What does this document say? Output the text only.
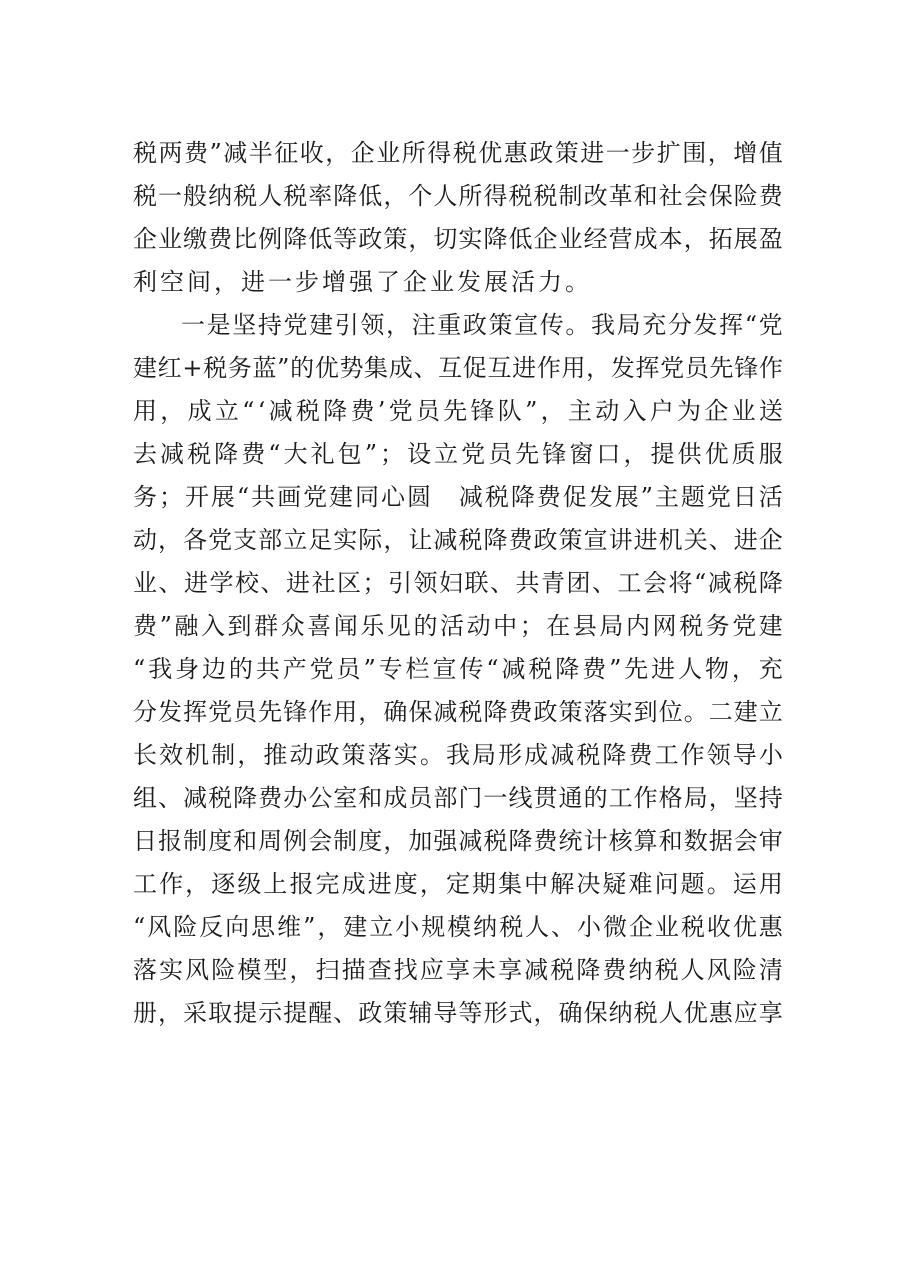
税 两 费 ” 减 半 征 收 ， 企 业 所 得 税 优 惠 政 策 进 一 步 扩 围 ， 增 值
税 一 般 纳 税 人 税 率 降 低 ， 个 人 所 得 税 税 制 改 革 和 社 会 保 险 费
企 业 缴 费 比 例 降 低 等 政 策 ， 切 实 降 低 企 业 经 营 成 本 ， 拓 展 盈
利空间，进一步增强了企业发展活力。
一 是 坚 持 党 建 引 领 ， 注 重 政 策 宣 传 。 我 局 充 分 发 挥 “ 党
建 红 + 税 务 蓝 ” 的 优 势 集 成 、 互 促 互 进 作 用 ， 发 挥 党 员 先 锋 作
用 ， 成 立 “ ‘ 减 税 降 费 ’ 党 员 先 锋 队 ” ， 主 动 入 户 为 企 业 送
去 减 税 降 费 “ 大 礼 包 ” ； 设 立 党 员 先 锋 窗 口 ， 提 供 优 质 服
务 ； 开 展 “ 共 画 党 建 同 心 圆
　 减 税 降 费 促 发 展 ” 主 题 党 日 活
动 ， 各 党 支 部 立 足 实 际 ， 让 减 税 降 费 政 策 宣 讲 进 机 关 、 进 企
业 、 进 学 校 、 进 社 区 ； 引 领 妇 联 、 共 青 团 、 工 会 将 “ 减 税 降
费 ” 融 入 到 群 众 喜 闻 乐 见 的 活 动 中 ； 在 县 局 内 网 税 务 党 建
“ 我 身 边 的 共 产 党 员 ” 专 栏 宣 传 “ 减 税 降 费 ” 先 进 人 物 ， 充
分 发 挥 党 员 先 锋 作 用 ， 确 保 减 税 降 费 政 策 落 实 到 位 。 二 建 立
长 效 机 制 ， 推 动 政 策 落 实 。 我 局 形 成 减 税 降 费 工 作 领 导 小
组 、 减 税 降 费 办 公 室 和 成 员 部 门 一 线 贯 通 的 工 作 格 局 ， 坚 持
日 报 制 度 和 周 例 会 制 度 ， 加 强 减 税 降 费 统 计 核 算 和 数 据 会 审
工 作 ， 逐 级 上 报 完 成 进 度 ， 定 期 集 中 解 决 疑 难 问 题 。 运 用
“ 风 险 反 向 思 维 ” ， 建 立 小 规 模 纳 税 人 、 小 微 企 业 税 收 优 惠
落 实 风 险 模 型 ， 扫 描 查 找 应 享 未 享 减 税 降 费 纳 税 人 风 险 清
册 ， 采 取 提 示 提 醒 、 政 策 辅 导 等 形 式 ， 确 保 纳 税 人 优 惠 应 享
